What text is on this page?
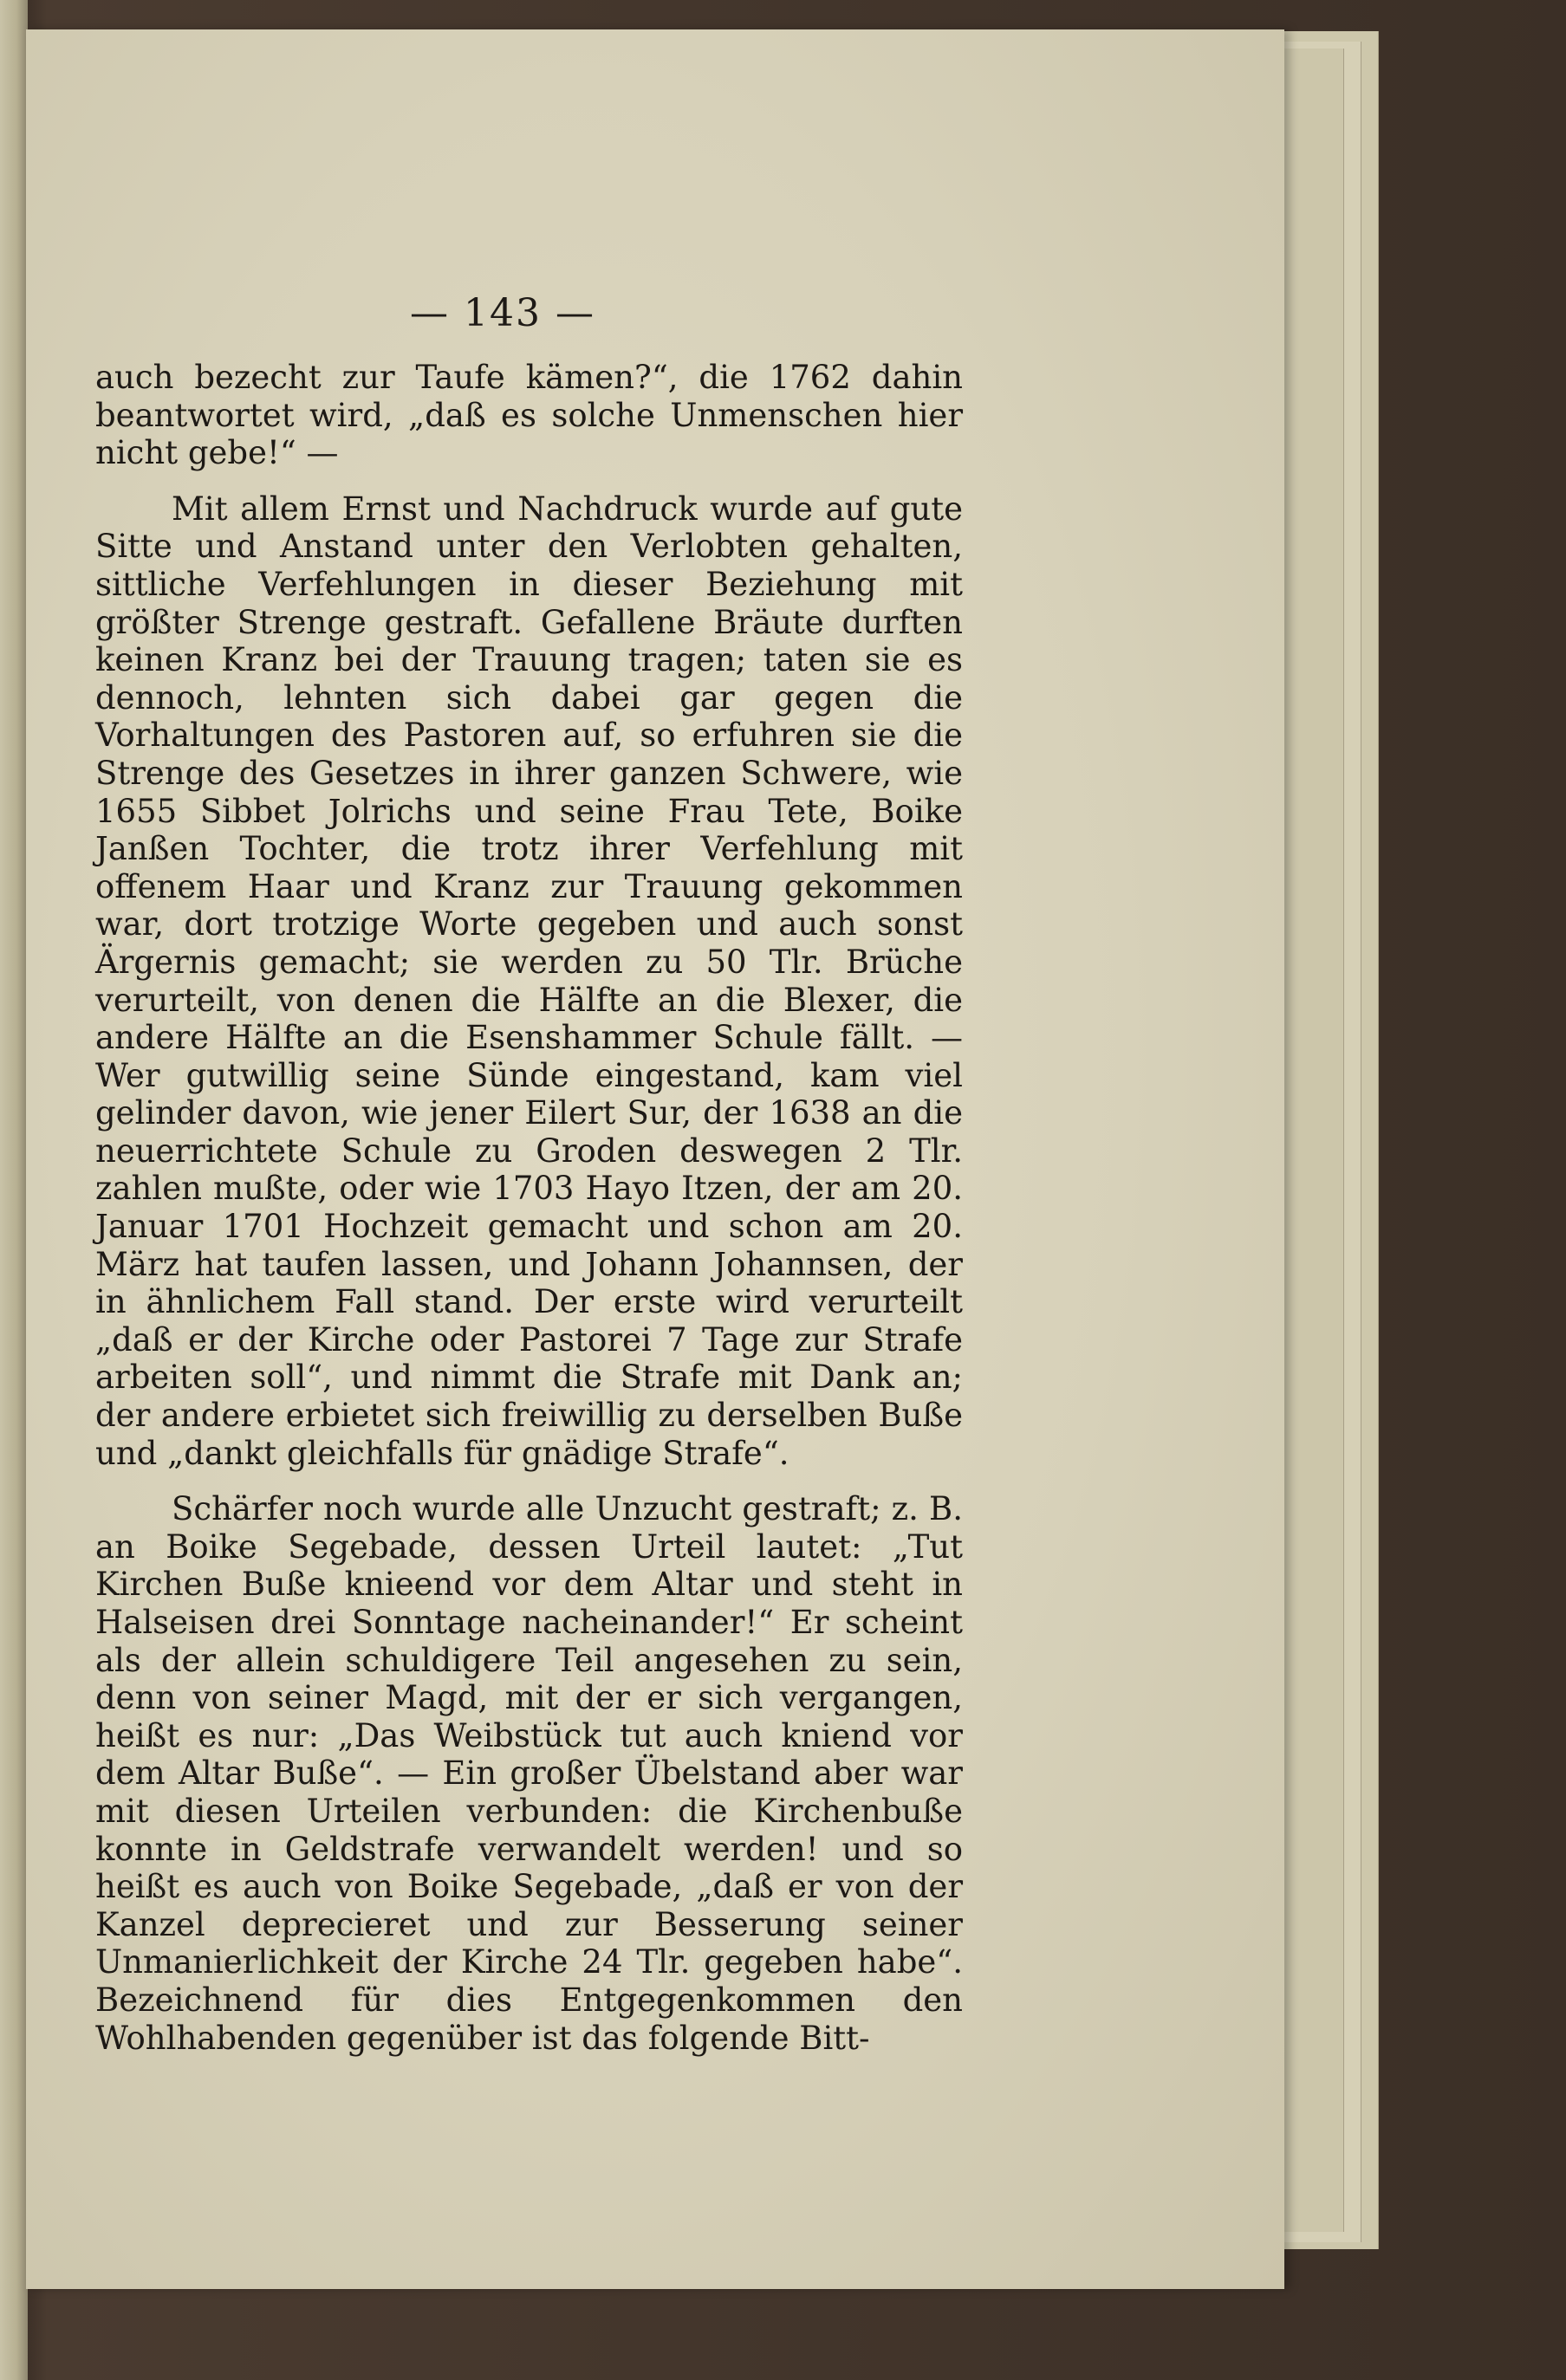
— 143 —

auch bezecht zur Taufe kämen?“, die 1762 dahin beantwortet wird, „daß es solche Unmenschen hier nicht gebe!“ —

Mit allem Ernst und Nachdruck wurde auf gute Sitte und Anstand unter den Verlobten gehalten, sittliche Verfehlungen in dieser Beziehung mit größter Strenge gestraft. Gefallene Bräute durften keinen Kranz bei der Trauung tragen; taten sie es dennoch, lehnten sich dabei gar gegen die Vorhaltungen des Pastoren auf, so erfuhren sie die Strenge des Gesetzes in ihrer ganzen Schwere, wie 1655 Sibbet Jolrichs und seine Frau Tete, Boike Janßen Tochter, die trotz ihrer Verfehlung mit offenem Haar und Kranz zur Trauung gekommen war, dort trotzige Worte gegeben und auch sonst Ärgernis gemacht; sie werden zu 50 Tlr. Brüche verurteilt, von denen die Hälfte an die Blexer, die andere Hälfte an die Esenshammer Schule fällt. — Wer gutwillig seine Sünde eingestand, kam viel gelinder davon, wie jener Eilert Sur, der 1638 an die neuerrichtete Schule zu Groden deswegen 2 Tlr. zahlen mußte, oder wie 1703 Hayo Itzen, der am 20. Januar 1701 Hochzeit gemacht und schon am 20. März hat taufen lassen, und Johann Johannsen, der in ähnlichem Fall stand. Der erste wird verurteilt „daß er der Kirche oder Pastorei 7 Tage zur Strafe arbeiten soll“, und nimmt die Strafe mit Dank an; der andere erbietet sich freiwillig zu derselben Buße und „dankt gleichfalls für gnädige Strafe“.

Schärfer noch wurde alle Unzucht gestraft; z. B. an Boike Segebade, dessen Urteil lautet: „Tut Kirchen Buße knieend vor dem Altar und steht in Halseisen drei Sonntage nacheinander!“ Er scheint als der allein schuldigere Teil angesehen zu sein, denn von seiner Magd, mit der er sich vergangen, heißt es nur: „Das Weibstück tut auch kniend vor dem Altar Buße“. — Ein großer Übelstand aber war mit diesen Urteilen verbunden: die Kirchenbuße konnte in Geldstrafe verwandelt werden! und so heißt es auch von Boike Segebade, „daß er von der Kanzel deprecieret und zur Besserung seiner Unmanierlichkeit der Kirche 24 Tlr. gegeben habe“. Bezeichnend für dies Entgegenkommen den Wohlhabenden gegenüber ist das folgende Bitt-
